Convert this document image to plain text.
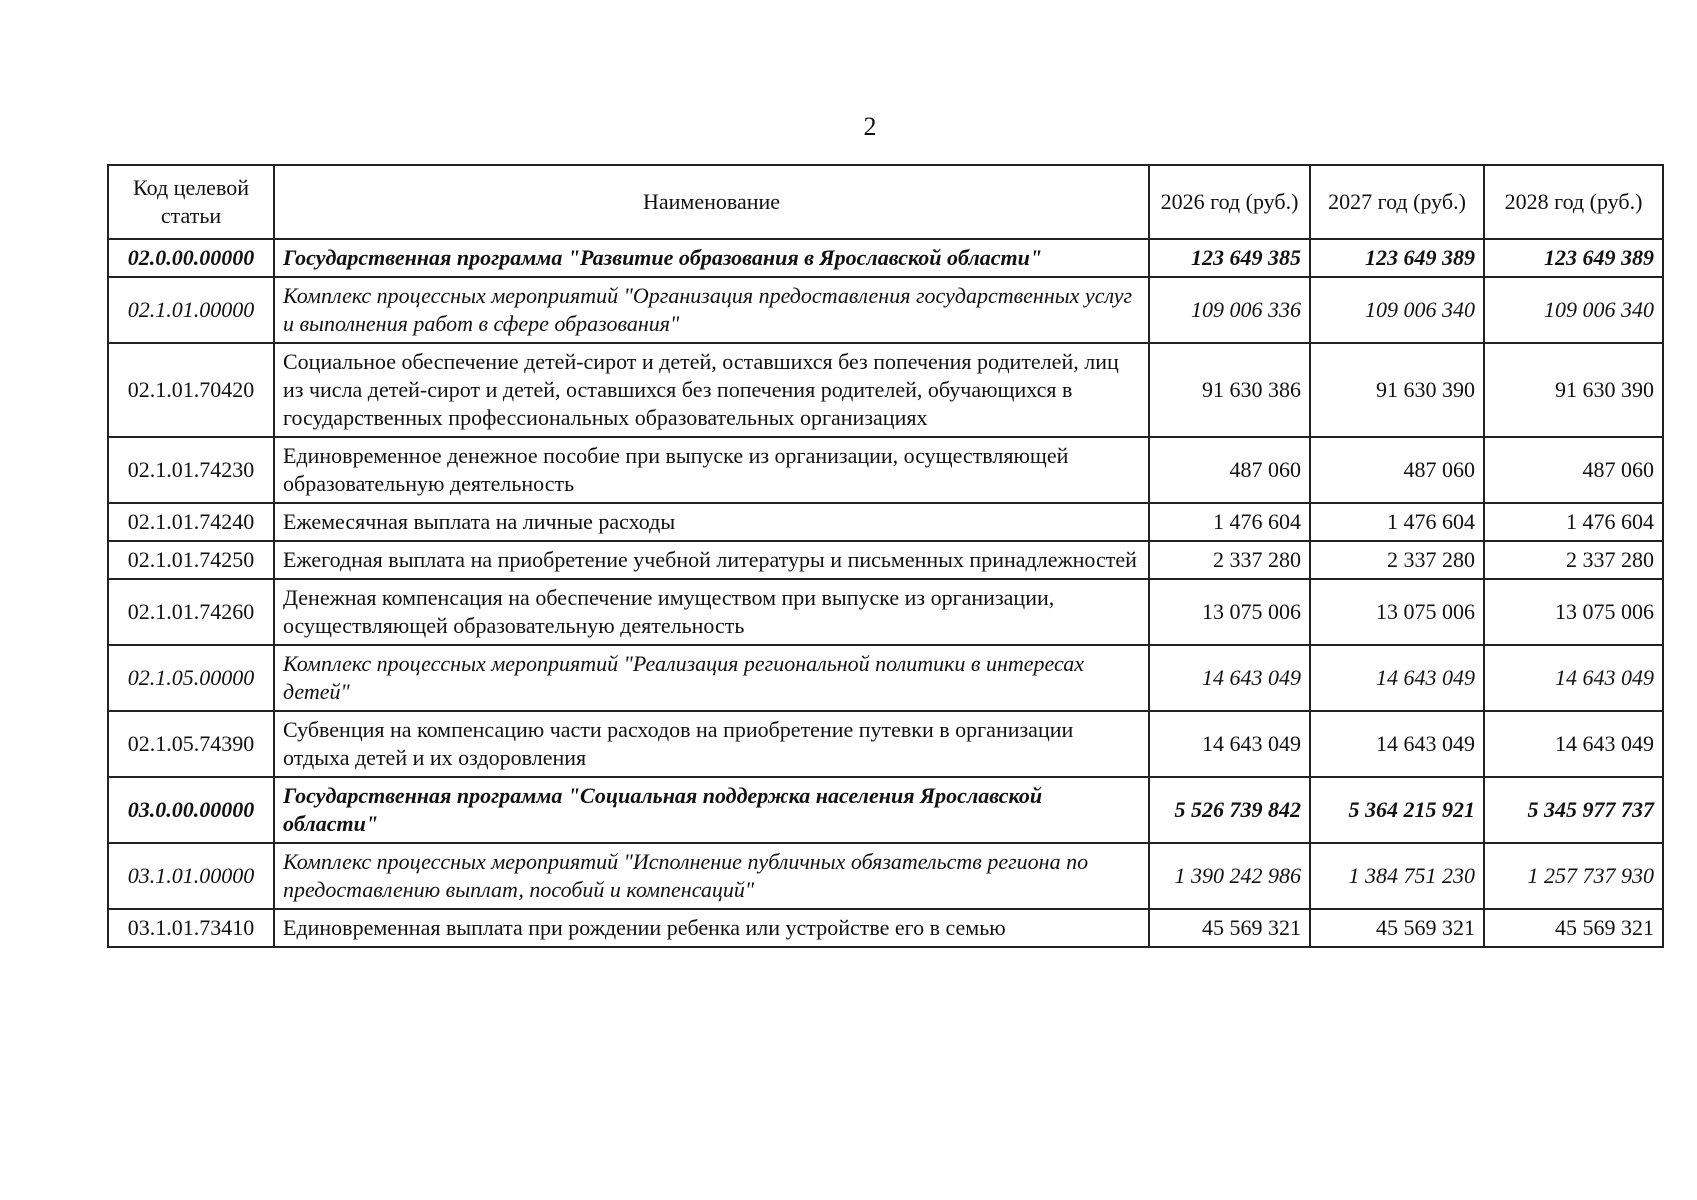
2
Код целевой статьи	Наименование	2026 год (руб.)	2027 год (руб.)	2028 год (руб.)
02.0.00.00000	Государственная программа "Развитие образования в Ярославской области"	123 649 385	123 649 389	123 649 389
02.1.01.00000	Комплекс процессных мероприятий "Организация предоставления государственных услуг и выполнения работ в сфере образования"	109 006 336	109 006 340	109 006 340
02.1.01.70420	Социальное обеспечение детей-сирот и детей, оставшихся без попечения родителей, лиц из числа детей-сирот и детей, оставшихся без попечения родителей, обучающихся в государственных профессиональных образовательных организациях	91 630 386	91 630 390	91 630 390
02.1.01.74230	Единовременное денежное пособие при выпуске из организации, осуществляющей образовательную деятельность	487 060	487 060	487 060
02.1.01.74240	Ежемесячная выплата на личные расходы	1 476 604	1 476 604	1 476 604
02.1.01.74250	Ежегодная выплата на приобретение учебной литературы и письменных принадлежностей	2 337 280	2 337 280	2 337 280
02.1.01.74260	Денежная компенсация на обеспечение имуществом при выпуске из организации, осуществляющей образовательную деятельность	13 075 006	13 075 006	13 075 006
02.1.05.00000	Комплекс процессных мероприятий "Реализация региональной политики в интересах детей"	14 643 049	14 643 049	14 643 049
02.1.05.74390	Субвенция на компенсацию части расходов на приобретение путевки в организации отдыха детей и их оздоровления	14 643 049	14 643 049	14 643 049
03.0.00.00000	Государственная программа "Социальная поддержка населения Ярославской области"	5 526 739 842	5 364 215 921	5 345 977 737
03.1.01.00000	Комплекс процессных мероприятий "Исполнение публичных обязательств региона по предоставлению выплат, пособий и компенсаций"	1 390 242 986	1 384 751 230	1 257 737 930
03.1.01.73410	Единовременная выплата при рождении ребенка или устройстве его в семью	45 569 321	45 569 321	45 569 321
